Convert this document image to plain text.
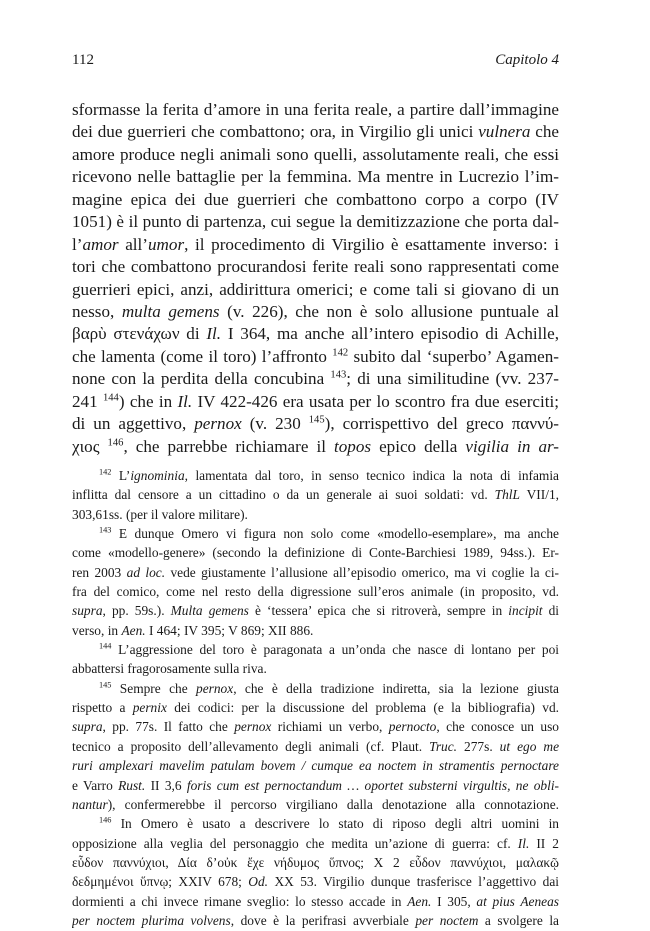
112	Capitolo 4
sformasse la ferita d’amore in una ferita reale, a partire dall’immagine
dei due guerrieri che combattono; ora, in Virgilio gli unici vulnera che
amore produce negli animali sono quelli, assolutamente reali, che essi
ricevono nelle battaglie per la femmina. Ma mentre in Lucrezio l’im-
magine epica dei due guerrieri che combattono corpo a corpo (IV
1051) è il punto di partenza, cui segue la demitizzazione che porta dal-
l’amor all’umor, il procedimento di Virgilio è esattamente inverso: i
tori che combattono procurandosi ferite reali sono rappresentati come
guerrieri epici, anzi, addirittura omerici; e come tali si giovano di un
nesso, multa gemens (v. 226), che non è solo allusione puntuale al
βαρὺ στενάχων di Il. I 364, ma anche all’intero episodio di Achille,
che lamenta (come il toro) l’affronto $^{142}$ subito dal ‘superbo’ Agamen-
none con la perdita della concubina $^{143}$; di una similitudine (vv. 237-
241 $^{144}$) che in Il. IV 422-426 era usata per lo scontro fra due eserciti;
di un aggettivo, pernox (v. 230 $^{145}$), corrispettivo del greco παννύ-
χιος $^{146}$, che parrebbe richiamare il topos epico della vigilia in ar-
$^{142}$ L’ignominia, lamentata dal toro, in senso tecnico indica la nota di infamia
inflitta dal censore a un cittadino o da un generale ai suoi soldati: vd. ThlL VII/1,
303,61ss. (per il valore militare).
$^{143}$ E dunque Omero vi figura non solo come «modello-esemplare», ma anche
come «modello-genere» (secondo la definizione di Conte-Barchiesi 1989, 94ss.). Er-
ren 2003 ad loc. vede giustamente l’allusione all’episodio omerico, ma vi coglie la ci-
fra del comico, come nel resto della digressione sull’eros animale (in proposito, vd.
supra, pp. 59s.). Multa gemens è ‘tessera’ epica che si ritroverà, sempre in incipit di
verso, in Aen. I 464; IV 395; V 869; XII 886.
$^{144}$ L’aggressione del toro è paragonata a un’onda che nasce di lontano per poi
abbattersi fragorosamente sulla riva.
$^{145}$ Sempre che pernox, che è della tradizione indiretta, sia la lezione giusta
rispetto a pernix dei codici: per la discussione del problema (e la bibliografia) vd.
supra, pp. 77s. Il fatto che pernox richiami un verbo, pernocto, che conosce un uso
tecnico a proposito dell’allevamento degli animali (cf. Plaut. Truc. 277s. ut ego me
ruri amplexari mavelim patulam bovem / cumque ea noctem in stramentis pernoctare
e Varro Rust. II 3,6 foris cum est pernoctandum … oportet substerni virgultis, ne obli-
nantur), confermerebbe il percorso virgiliano dalla denotazione alla connotazione.
$^{146}$ In Omero è usato a descrivere lo stato di riposo degli altri uomini in
opposizione alla veglia del personaggio che medita un’azione di guerra: cf. Il. II 2
εὗδον παννύχιοι, Δία δ’οὐκ ἔχε νήδυμος ὕπνος; X 2 εὗδον παννύχιοι, μαλακῷ
δεδμημένοι ὕπνῳ; XXIV 678; Od. XX 53. Virgilio dunque trasferisce l’aggettivo dai
dormienti a chi invece rimane sveglio: lo stesso accade in Aen. I 305, at pius Aeneas
per noctem plurima volvens, dove è la perifrasi avverbiale per noctem a svolgere la
